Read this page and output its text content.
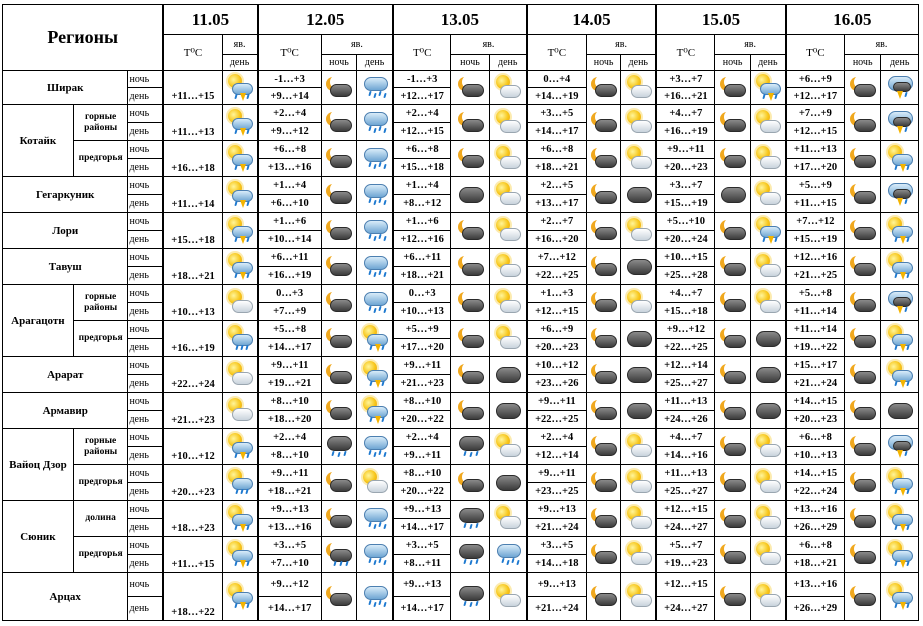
Регионы			11.05		12.05			13.05			14.05			15.05			16.05		
			T⁰C	яв.	T⁰C	яв.		T⁰C	яв.		T⁰C	яв.		T⁰C	яв.		T⁰C	яв.	
				день		ночь	день		ночь	день		ночь	день		ночь	день		ночь	день
Ширак		ночь	+11…+15		-1…+3			-1…+3			0…+4			+3…+7			+6…+9	

		день			+9…+14			+12…+17			+14…+19			+16…+21			+12…+17		
Котайк	горные районы	ночь	+11…+13		+2…+4			+2…+4			+3…+5			+4…+7			+7…+9	

		день			+9…+12			+12…+15			+14…+17			+16…+19			+12…+15		
	предгорья	ночь	+16…+18		+6…+8			+6…+8			+6…+8			+9…+11			+11…+13	

		день			+13…+16			+15…+18			+18…+21			+20…+23			+17…+20		
Гегаркуник		ночь	+11…+14		+1…+4			+1…+4			+2…+5			+3…+7			+5…+9	

		день			+6…+10			+8…+12			+13…+17			+15…+19			+11…+15		
Лори		ночь	+15…+18		+1…+6			+1…+6			+2…+7			+5…+10			+7…+12	

		день			+10…+14			+12…+16			+16…+20			+20…+24			+15…+19		
Тавуш		ночь	+18…+21		+6…+11			+6…+11			+7…+12			+10…+15			+12…+16	

		день			+16…+19			+18…+21			+22…+25			+25…+28			+21…+25		
Арагацотн	горные районы	ночь	+10…+13		0…+3			0…+3			+1…+3			+4…+7			+5…+8	

		день			+7…+9			+10…+13			+12…+15			+15…+18			+11…+14		
	предгорья	ночь	+16…+19		+5…+8			+5…+9			+6…+9			+9…+12			+11…+14	

		день			+14…+17			+17…+20			+20…+23			+22…+25			+19…+22		
Арарат		ночь	+22…+24		+9…+11			+9…+11			+10…+12			+12…+14			+15…+17	

		день			+19…+21			+21…+23			+23…+26			+25…+27			+21…+24		
Армавир		ночь	+21…+23		+8…+10			+8…+10			+9…+11			+11…+13			+14…+15	

		день			+18…+20			+20…+22			+22…+25			+24…+26			+20…+23		
Вайоц Дзор	горные районы	ночь	+10…+12		+2…+4			+2…+4			+2…+4			+4…+7			+6…+8	

		день			+8…+10			+9…+11			+12…+14			+14…+16			+10…+13		
	предгорья	ночь	+20…+23		+9…+11			+8…+10			+9…+11			+11…+13			+14…+15	

		день			+18…+21			+20…+22			+23…+25			+25…+27			+22…+24		
Сюник	долина	ночь	+18…+23		+9…+13			+9…+13			+9…+13			+12…+15			+13…+16	

		день			+13…+16			+14…+17			+21…+24			+24…+27			+26…+29		
	предгорья	ночь	+11…+15		+3…+5			+3…+5			+3…+5			+5…+7			+6…+8	

		день			+7…+10			+8…+11			+14…+18			+19…+23			+18…+21		
Арцах		ночь	+18…+22		+9…+12			+9…+13			+9…+13			+12…+15			+13…+16	

		день			+14…+17			+14…+17			+21…+24			+24…+27			+26…+29		
